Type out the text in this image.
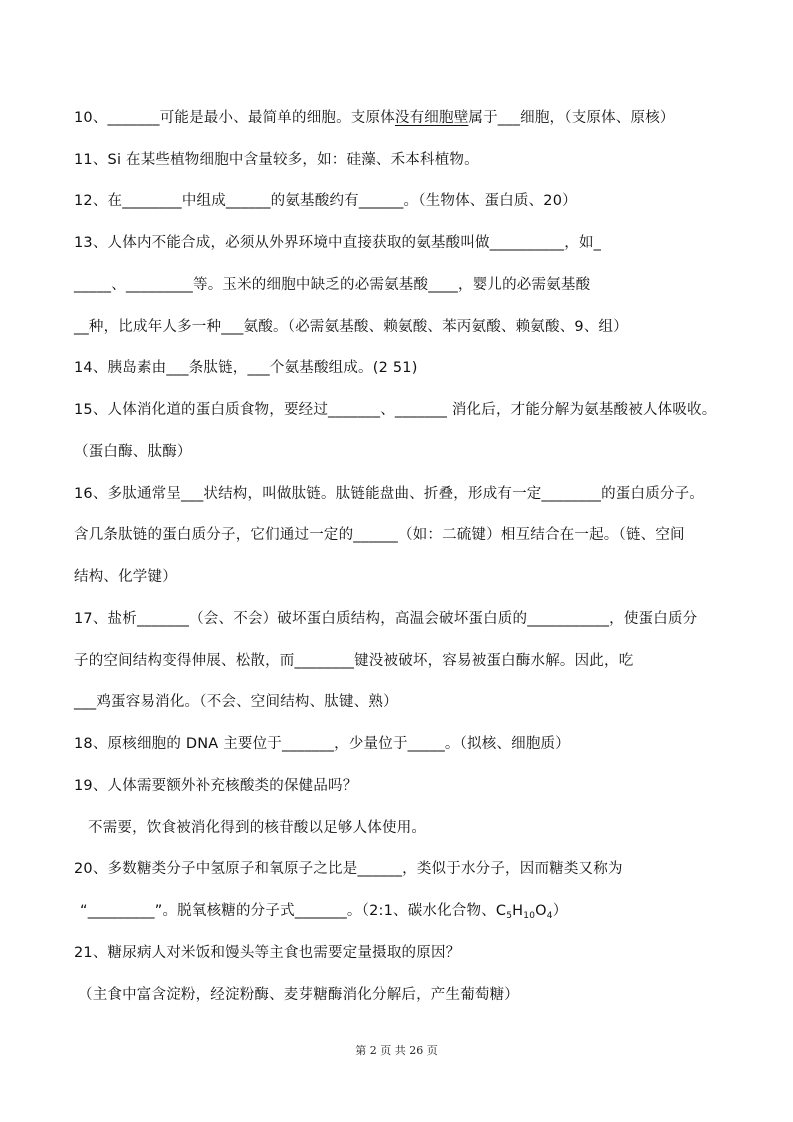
10、_______可能是最小、最简单的细胞。支原体没有细胞壁属于___细胞，（支原体、原核）
11、Si 在某些植物细胞中含量较多，如：硅藻、禾本科植物。
12、在________中组成______的氨基酸约有______。（生物体、蛋白质、20）
13、人体内不能合成，必须从外界环境中直接获取的氨基酸叫做__________，如_
_____、_________等。玉米的细胞中缺乏的必需氨基酸____，婴儿的必需氨基酸
__种，比成年人多一种___氨酸。（必需氨基酸、赖氨酸、苯丙氨酸、赖氨酸、9、组）
14、胰岛素由___条肽链，___个氨基酸组成。(2 51)
15、人体消化道的蛋白质食物，要经过_______、_______ 消化后，才能分解为氨基酸被人体吸收。
（蛋白酶、肽酶）
16、多肽通常呈___状结构，叫做肽链。肽链能盘曲、折叠，形成有一定________的蛋白质分子。
含几条肽链的蛋白质分子，它们通过一定的______（如：二硫键）相互结合在一起。（链、空间
结构、化学键）
17、盐析_______（会、不会）破坏蛋白质结构，高温会破坏蛋白质的___________，使蛋白质分
子的空间结构变得伸展、松散，而________键没被破坏，容易被蛋白酶水解。因此，吃
___鸡蛋容易消化。（不会、空间结构、肽键、熟）
18、原核细胞的 DNA 主要位于_______，少量位于_____。（拟核、细胞质）
19、人体需要额外补充核酸类的保健品吗？
不需要，饮食被消化得到的核苷酸以足够人体使用。
20、多数糖类分子中氢原子和氧原子之比是______，类似于水分子，因而糖类又称为
“_________”。脱氧核糖的分子式_______。（2:1、碳水化合物、$C_5H_{10}O_4$）
21、糖尿病人对米饭和馒头等主食也需要定量摄取的原因？
（主食中富含淀粉，经淀粉酶、麦芽糖酶消化分解后，产生葡萄糖）
第 2 页 共 26 页
